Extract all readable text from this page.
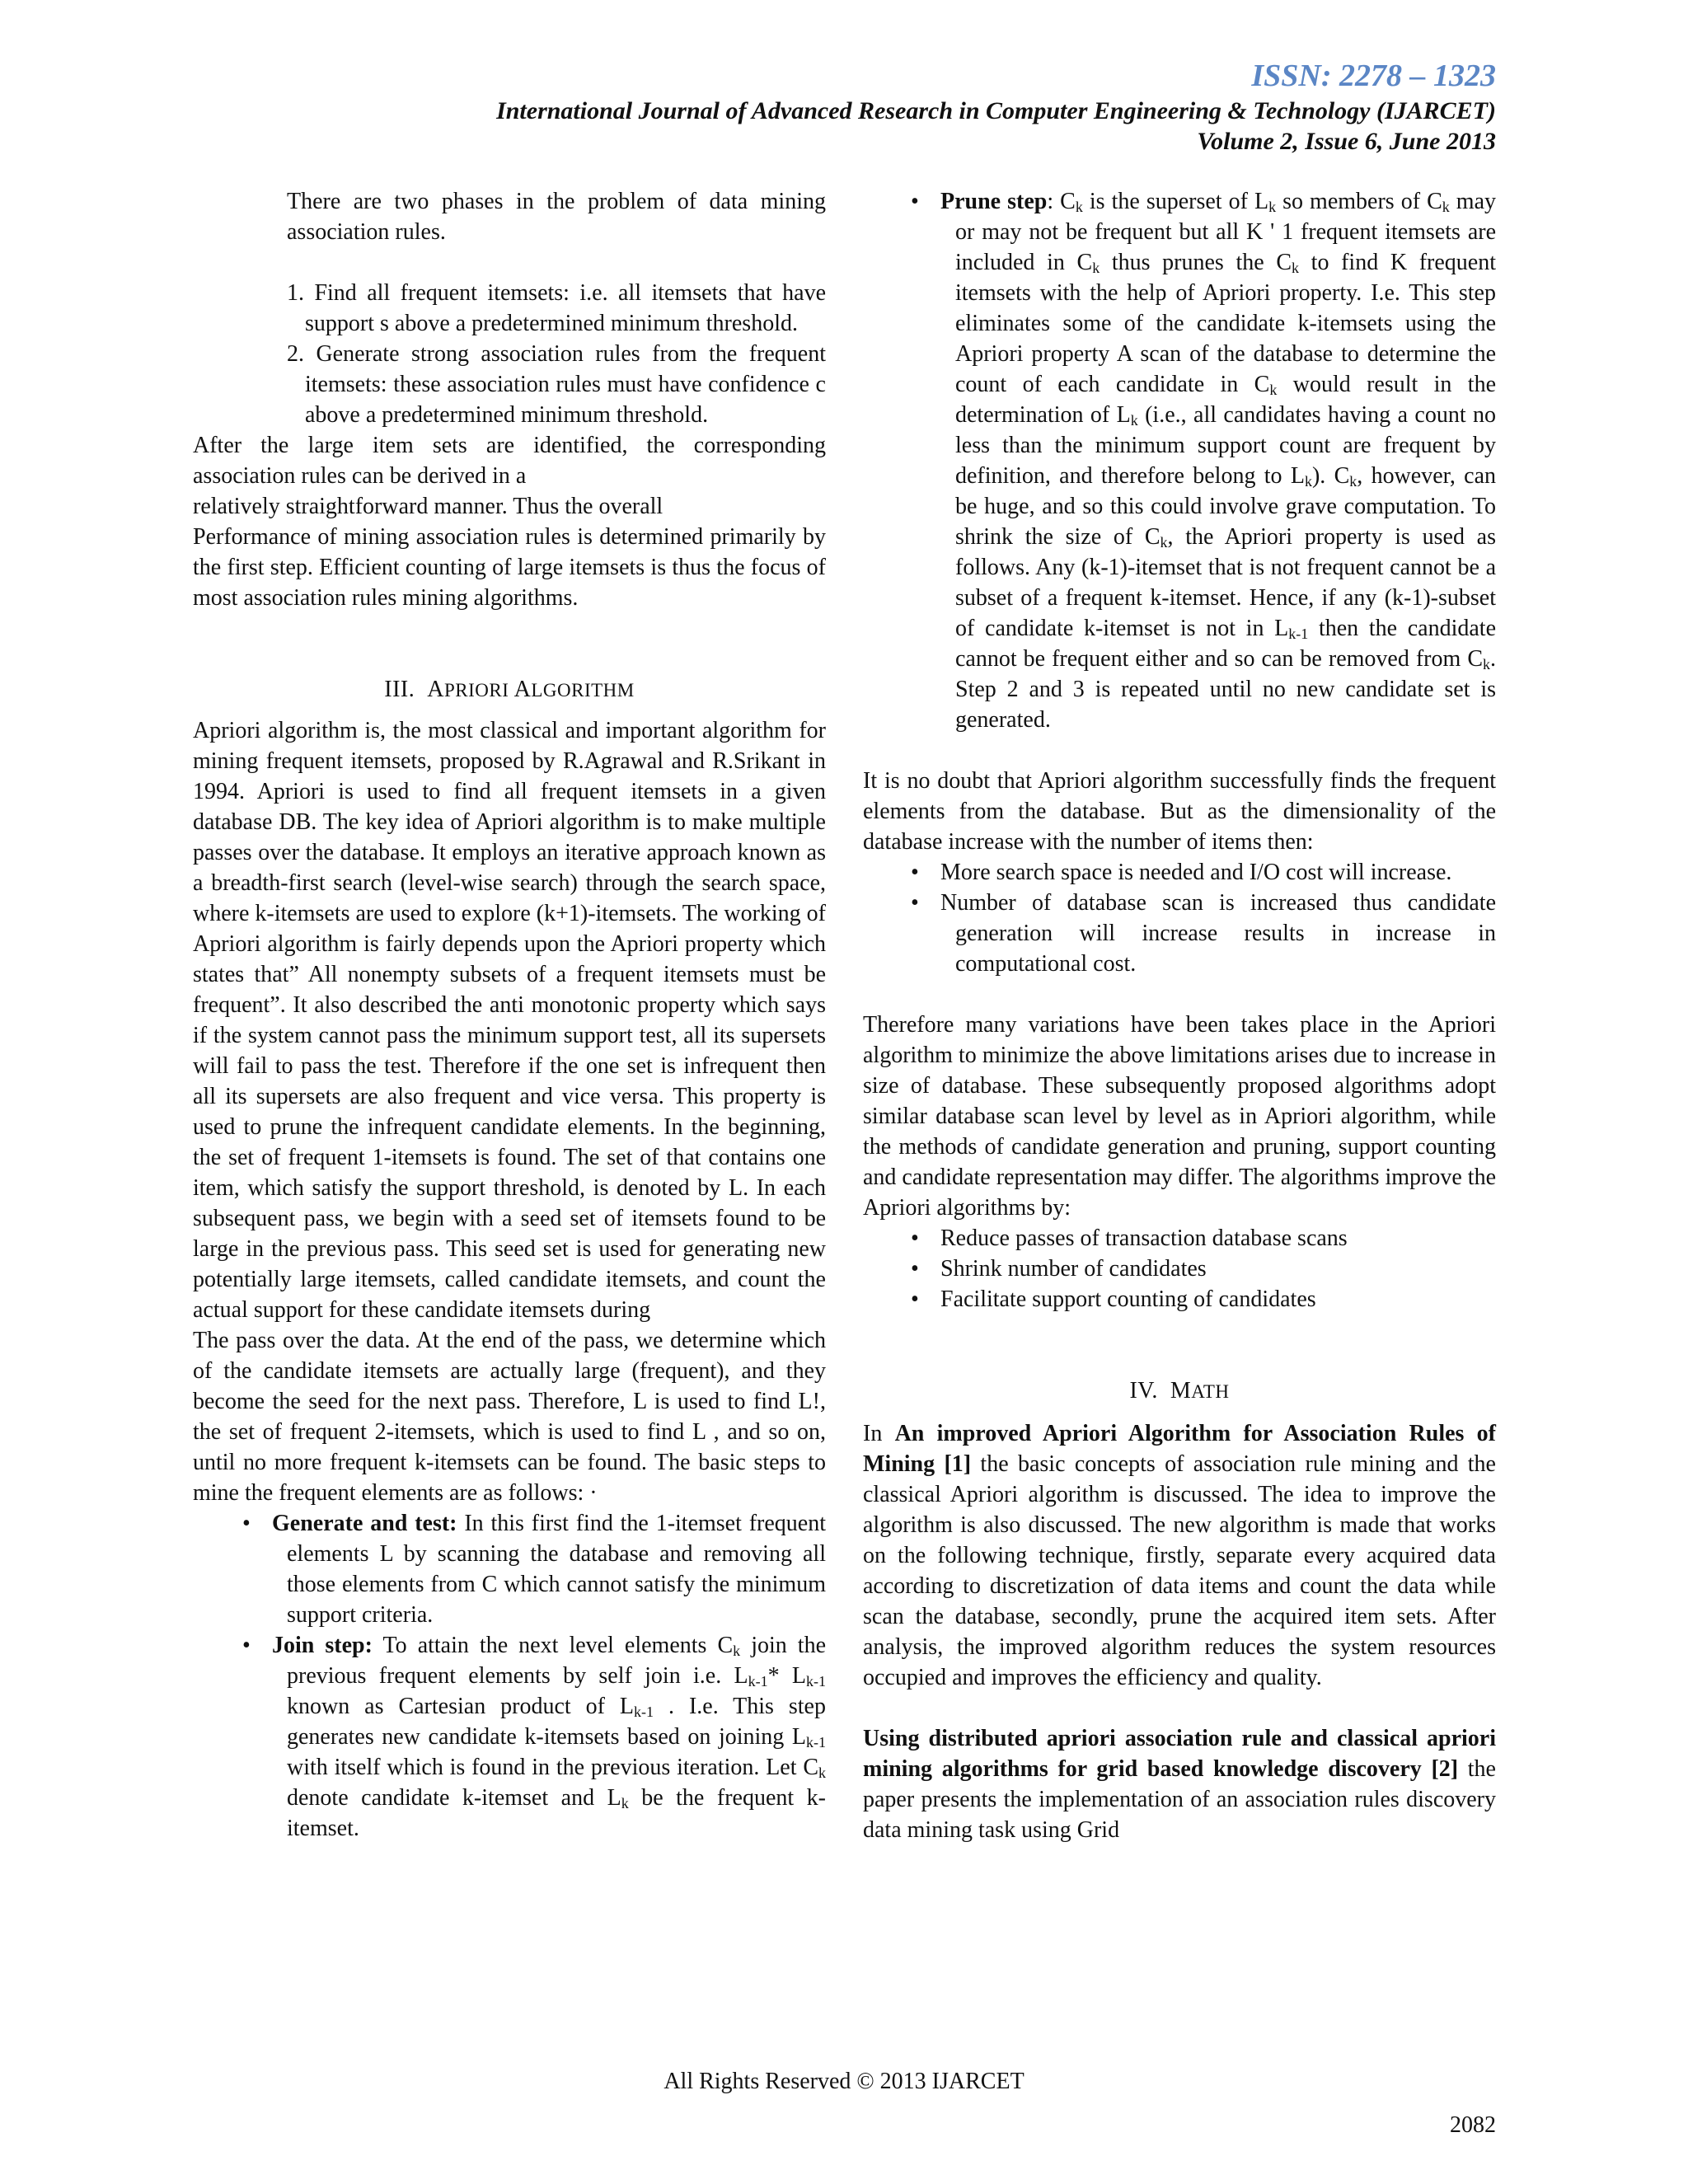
ISSN: 2278 – 1323
International Journal of Advanced Research in Computer Engineering & Technology (IJARCET)
Volume 2, Issue 6, June 2013

There are two phases in the problem of data mining association rules.

1. Find all frequent itemsets: i.e. all itemsets that have support s above a predetermined minimum threshold.
2. Generate strong association rules from the frequent itemsets: these association rules must have confidence c above a predetermined minimum threshold.

After the large item sets are identified, the corresponding association rules can be derived in a

relatively straightforward manner. Thus the overall

Performance of mining association rules is determined primarily by the first step. Efficient counting of large itemsets is thus the focus of most association rules mining algorithms.

III. APRIORI ALGORITHM

Apriori algorithm is, the most classical and important algorithm for mining frequent itemsets, proposed by R.Agrawal and R.Srikant in 1994. Apriori is used to find all frequent itemsets in a given database DB. The key idea of Apriori algorithm is to make multiple passes over the database. It employs an iterative approach known as a breadth-first search (level-wise search) through the search space, where k-itemsets are used to explore (k+1)-itemsets. The working of Apriori algorithm is fairly depends upon the Apriori property which states that” All nonempty subsets of a frequent itemsets must be frequent”. It also described the anti monotonic property which says if the system cannot pass the minimum support test, all its supersets will fail to pass the test. Therefore if the one set is infrequent then all its supersets are also frequent and vice versa. This property is used to prune the infrequent candidate elements. In the beginning, the set of frequent 1-itemsets is found. The set of that contains one item, which satisfy the support threshold, is denoted by L. In each subsequent pass, we begin with a seed set of itemsets found to be large in the previous pass. This seed set is used for generating new potentially large itemsets, called candidate itemsets, and count the actual support for these candidate itemsets during

The pass over the data. At the end of the pass, we determine which of the candidate itemsets are actually large (frequent), and they become the seed for the next pass. Therefore, L is used to find L!, the set of frequent 2-itemsets, which is used to find L , and so on, until no more frequent k-itemsets can be found. The basic steps to mine the frequent elements are as follows: ·

• Generate and test: In this first find the 1-itemset frequent elements L by scanning the database and removing all those elements from C which cannot satisfy the minimum support criteria.
• Join step: To attain the next level elements $C_k$ join the previous frequent elements by self join i.e. $L_{k-1}*$ $L_{k-1}$ known as Cartesian product of $L_{k-1}$ . I.e. This step generates new candidate k-itemsets based on joining $L_{k-1}$ with itself which is found in the previous iteration. Let $C_k$ denote candidate k-itemset and $L_k$ be the frequent k-itemset.
• Prune step: $C_k$ is the superset of $L_k$ so members of $C_k$ may or may not be frequent but all K ' 1 frequent itemsets are included in $C_k$ thus prunes the $C_k$ to find K frequent itemsets with the help of Apriori property. I.e. This step eliminates some of the candidate k-itemsets using the Apriori property A scan of the database to determine the count of each candidate in $C_k$ would result in the determination of $L_k$ (i.e., all candidates having a count no less than the minimum support count are frequent by definition, and therefore belong to $L_k$). $C_k$, however, can be huge, and so this could involve grave computation. To shrink the size of $C_k$, the Apriori property is used as follows. Any (k-1)-itemset that is not frequent cannot be a subset of a frequent k-itemset. Hence, if any (k-1)-subset of candidate k-itemset is not in $L_{k-1}$ then the candidate cannot be frequent either and so can be removed from $C_k$. Step 2 and 3 is repeated until no new candidate set is generated.

It is no doubt that Apriori algorithm successfully finds the frequent elements from the database. But as the dimensionality of the database increase with the number of items then:

• More search space is needed and I/O cost will increase.
• Number of database scan is increased thus candidate generation will increase results in increase in computational cost.

Therefore many variations have been takes place in the Apriori algorithm to minimize the above limitations arises due to increase in size of database. These subsequently proposed algorithms adopt similar database scan level by level as in Apriori algorithm, while the methods of candidate generation and pruning, support counting and candidate representation may differ. The algorithms improve the Apriori algorithms by:

• Reduce passes of transaction database scans
• Shrink number of candidates
• Facilitate support counting of candidates

IV. MATH

In An improved Apriori Algorithm for Association Rules of Mining [1] the basic concepts of association rule mining and the classical Apriori algorithm is discussed. The idea to improve the algorithm is also discussed. The new algorithm is made that works on the following technique, firstly, separate every acquired data according to discretization of data items and count the data while scan the database, secondly, prune the acquired item sets. After analysis, the improved algorithm reduces the system resources occupied and improves the efficiency and quality.

Using distributed apriori association rule and classical apriori mining algorithms for grid based knowledge discovery [2] the paper presents the implementation of an association rules discovery data mining task using Grid

All Rights Reserved © 2013 IJARCET
2082
